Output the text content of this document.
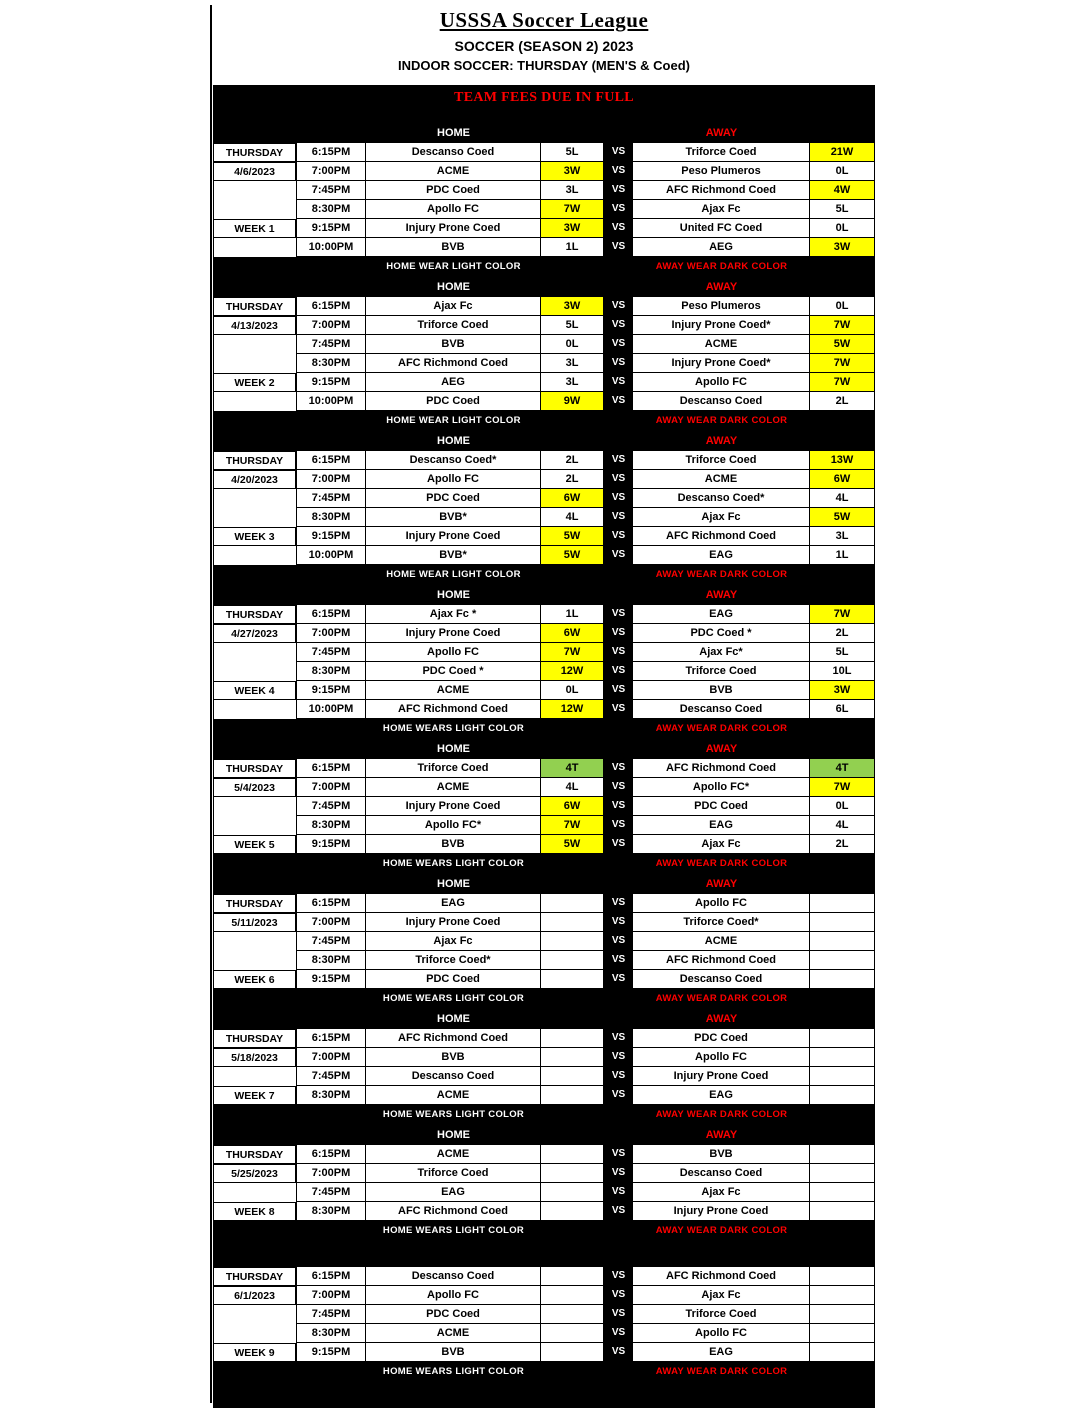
USSSA Soccer League
SOCCER (SEASON 2) 2023
INDOOR SOCCER: THURSDAY (MEN'S & Coed)
TEAM FEES DUE IN FULL
HOME	AWAY
THURSDAY	6:15PM	Descanso Coed	5L	VS	Triforce Coed	21W
4/6/2023	7:00PM	ACME	3W	VS	Peso Plumeros	0L
7:45PM	PDC Coed	3L	VS	AFC Richmond Coed	4W
8:30PM	Apollo FC	7W	VS	Ajax Fc	5L
WEEK 1	9:15PM	Injury Prone Coed	3W	VS	United FC Coed	0L
10:00PM	BVB	1L	VS	AEG	3W
HOME WEAR LIGHT COLOR	AWAY WEAR DARK COLOR
HOME	AWAY
THURSDAY	6:15PM	Ajax Fc	3W	VS	Peso Plumeros	0L
4/13/2023	7:00PM	Triforce Coed	5L	VS	Injury Prone Coed*	7W
7:45PM	BVB	0L	VS	ACME	5W
8:30PM	AFC Richmond Coed	3L	VS	Injury Prone Coed*	7W
WEEK 2	9:15PM	AEG	3L	VS	Apollo FC	7W
10:00PM	PDC Coed	9W	VS	Descanso Coed	2L
HOME WEAR LIGHT COLOR	AWAY WEAR DARK COLOR
HOME	AWAY
THURSDAY	6:15PM	Descanso Coed*	2L	VS	Triforce Coed	13W
4/20/2023	7:00PM	Apollo FC	2L	VS	ACME	6W
7:45PM	PDC Coed	6W	VS	Descanso Coed*	4L
8:30PM	BVB*	4L	VS	Ajax Fc	5W
WEEK 3	9:15PM	Injury Prone Coed	5W	VS	AFC Richmond Coed	3L
10:00PM	BVB*	5W	VS	EAG	1L
HOME WEAR LIGHT COLOR	AWAY WEAR DARK COLOR
HOME	AWAY
THURSDAY	6:15PM	Ajax Fc *	1L	VS	EAG	7W
4/27/2023	7:00PM	Injury Prone Coed	6W	VS	PDC Coed *	2L
7:45PM	Apollo FC	7W	VS	Ajax Fc*	5L
8:30PM	PDC Coed *	12W	VS	Triforce Coed	10L
WEEK 4	9:15PM	ACME	0L	VS	BVB	3W
10:00PM	AFC Richmond Coed	12W	VS	Descanso Coed	6L
HOME WEARS LIGHT COLOR	AWAY WEAR DARK COLOR
HOME	AWAY
THURSDAY	6:15PM	Triforce Coed	4T	VS	AFC Richmond Coed	4T
5/4/2023	7:00PM	ACME	4L	VS	Apollo FC*	7W
7:45PM	Injury Prone Coed	6W	VS	PDC Coed	0L
8:30PM	Apollo FC*	7W	VS	EAG	4L
WEEK 5	9:15PM	BVB	5W	VS	Ajax Fc	2L
HOME WEARS LIGHT COLOR	AWAY WEAR DARK COLOR
HOME	AWAY
THURSDAY	6:15PM	EAG	VS	Apollo FC
5/11/2023	7:00PM	Injury Prone Coed	VS	Triforce Coed*
7:45PM	Ajax Fc	VS	ACME
8:30PM	Triforce Coed*	VS	AFC Richmond Coed
WEEK 6	9:15PM	PDC Coed	VS	Descanso Coed
HOME WEARS LIGHT COLOR	AWAY WEAR DARK COLOR
HOME	AWAY
THURSDAY	6:15PM	AFC Richmond Coed	VS	PDC Coed
5/18/2023	7:00PM	BVB	VS	Apollo FC
7:45PM	Descanso Coed	VS	Injury Prone Coed
WEEK 7	8:30PM	ACME	VS	EAG
HOME WEARS LIGHT COLOR	AWAY WEAR DARK COLOR
HOME	AWAY
THURSDAY	6:15PM	ACME	VS	BVB
5/25/2023	7:00PM	Triforce Coed	VS	Descanso Coed
7:45PM	EAG	VS	Ajax Fc
WEEK 8	8:30PM	AFC Richmond Coed	VS	Injury Prone Coed
HOME WEARS LIGHT COLOR	AWAY WEAR DARK COLOR
THURSDAY	6:15PM	Descanso Coed	VS	AFC Richmond Coed
6/1/2023	7:00PM	Apollo FC	VS	Ajax Fc
7:45PM	PDC Coed	VS	Triforce Coed
8:30PM	ACME	VS	Apollo FC
WEEK 9	9:15PM	BVB	VS	EAG
HOME WEARS LIGHT COLOR	AWAY WEAR DARK COLOR
